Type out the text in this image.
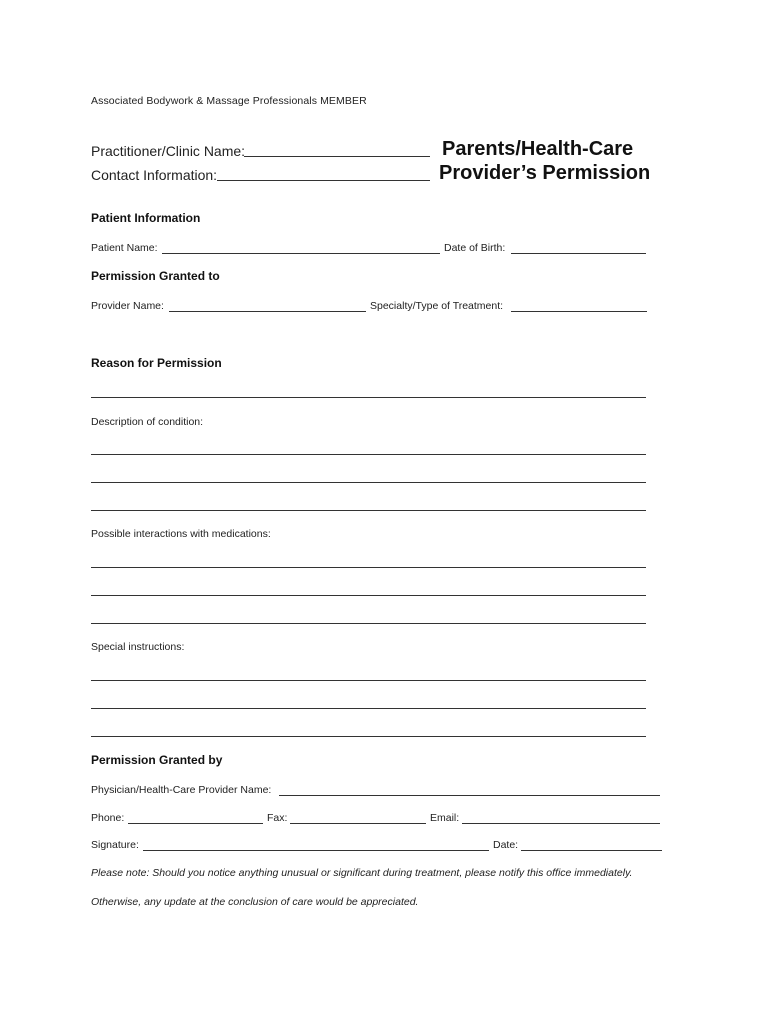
Associated Bodywork & Massage Professionals MEMBER
Practitioner/Clinic Name:
Contact Information:
Parents/Health-Care
Provider’s Permission
Patient Information
Patient Name:	Date of Birth:
Permission Granted to
Provider Name:	Specialty/Type of Treatment:
Reason for Permission
Description of condition:
Possible interactions with medications:
Special instructions:
Permission Granted by
Physician/Health-Care Provider Name:
Phone:	Fax:	Email:
Signature:	Date:
Please note: Should you notice anything unusual or significant during treatment, please notify this office immediately.
Otherwise, any update at the conclusion of care would be appreciated.
